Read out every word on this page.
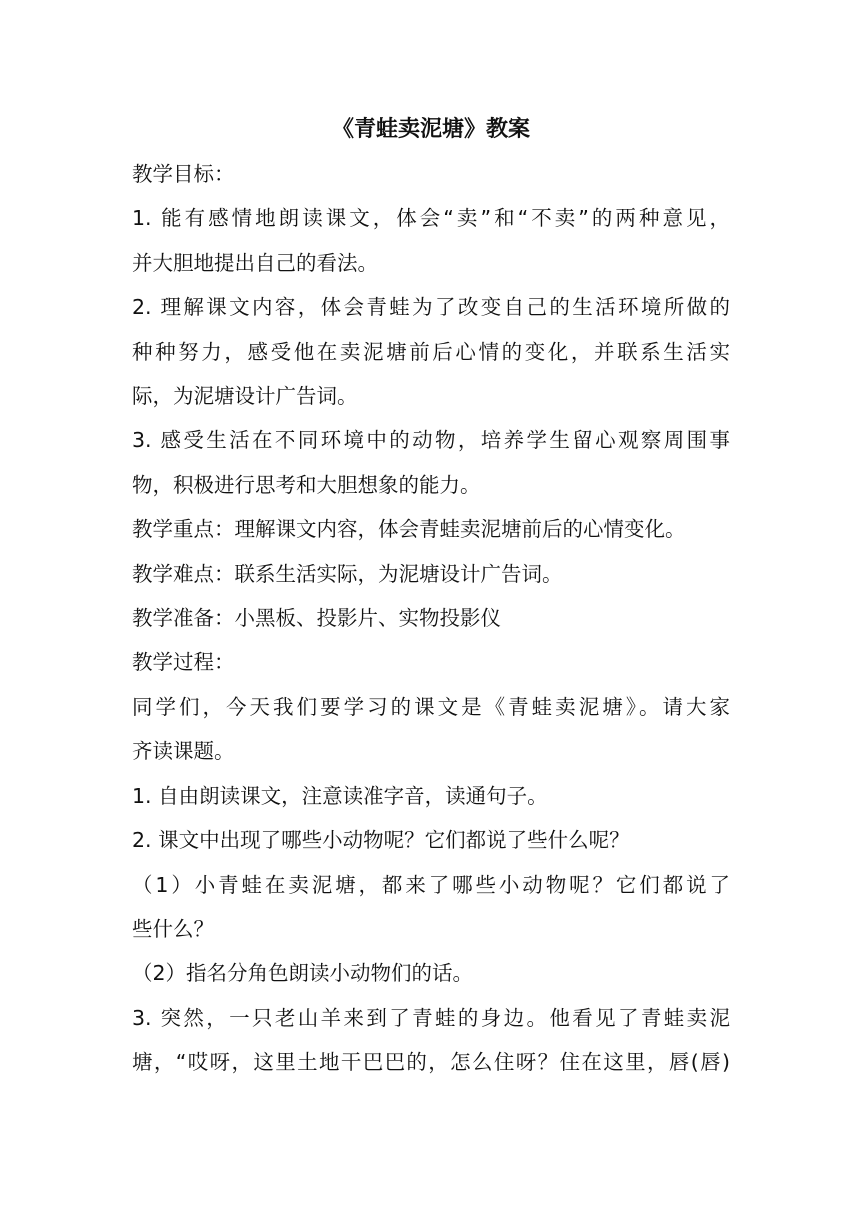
《青蛙卖泥塘》教案

教学目标：

1. 能有感情地朗读课文，体会“卖”和“不卖”的两种意见，

并大胆地提出自己的看法。

2. 理解课文内容，体会青蛙为了改变自己的生活环境所做的

种种努力，感受他在卖泥塘前后心情的变化，并联系生活实

际，为泥塘设计广告词。

3. 感受生活在不同环境中的动物，培养学生留心观察周围事

物，积极进行思考和大胆想象的能力。

教学重点：理解课文内容，体会青蛙卖泥塘前后的心情变化。

教学难点：联系生活实际，为泥塘设计广告词。

教学准备：小黑板、投影片、实物投影仪

教学过程：

同学们，今天我们要学习的课文是《青蛙卖泥塘》。请大家

齐读课题。

1. 自由朗读课文，注意读准字音，读通句子。

2. 课文中出现了哪些小动物呢？它们都说了些什么呢？

（1）小青蛙在卖泥塘，都来了哪些小动物呢？它们都说了

些什么？

（2）指名分角色朗读小动物们的话。

3. 突然，一只老山羊来到了青蛙的身边。他看见了青蛙卖泥

塘，“哎呀，这里土地干巴巴的，怎么住呀？住在这里，唇(唇)
